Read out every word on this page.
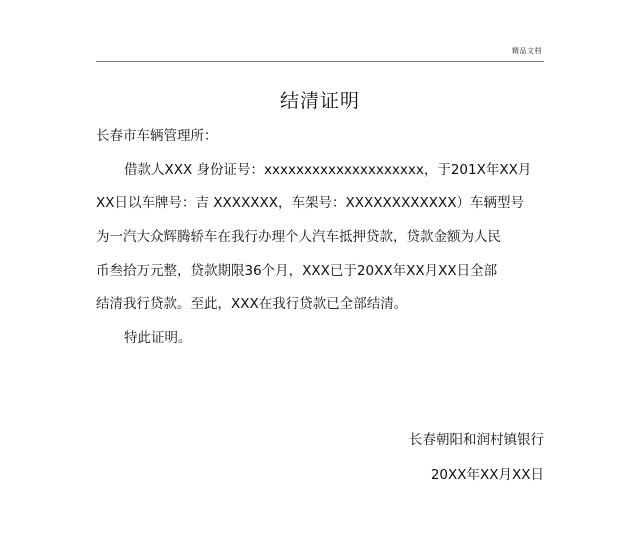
精品文档
结清证明
长春市车辆管理所：
借款人XXX 身份证号：xxxxxxxxxxxxxxxxxxxx，于201X年XX月
XX日以车牌号：吉 XXXXXXX，车架号：XXXXXXXXXXXX）车辆型号
为一汽大众辉腾轿车在我行办理个人汽车抵押贷款，贷款金额为人民
币叁拾万元整，贷款期限36个月，XXX已于20XX年XX月XX日全部
结清我行贷款。至此，XXX在我行贷款已全部结清。
特此证明。
长春朝阳和润村镇银行
20XX年XX月XX日
